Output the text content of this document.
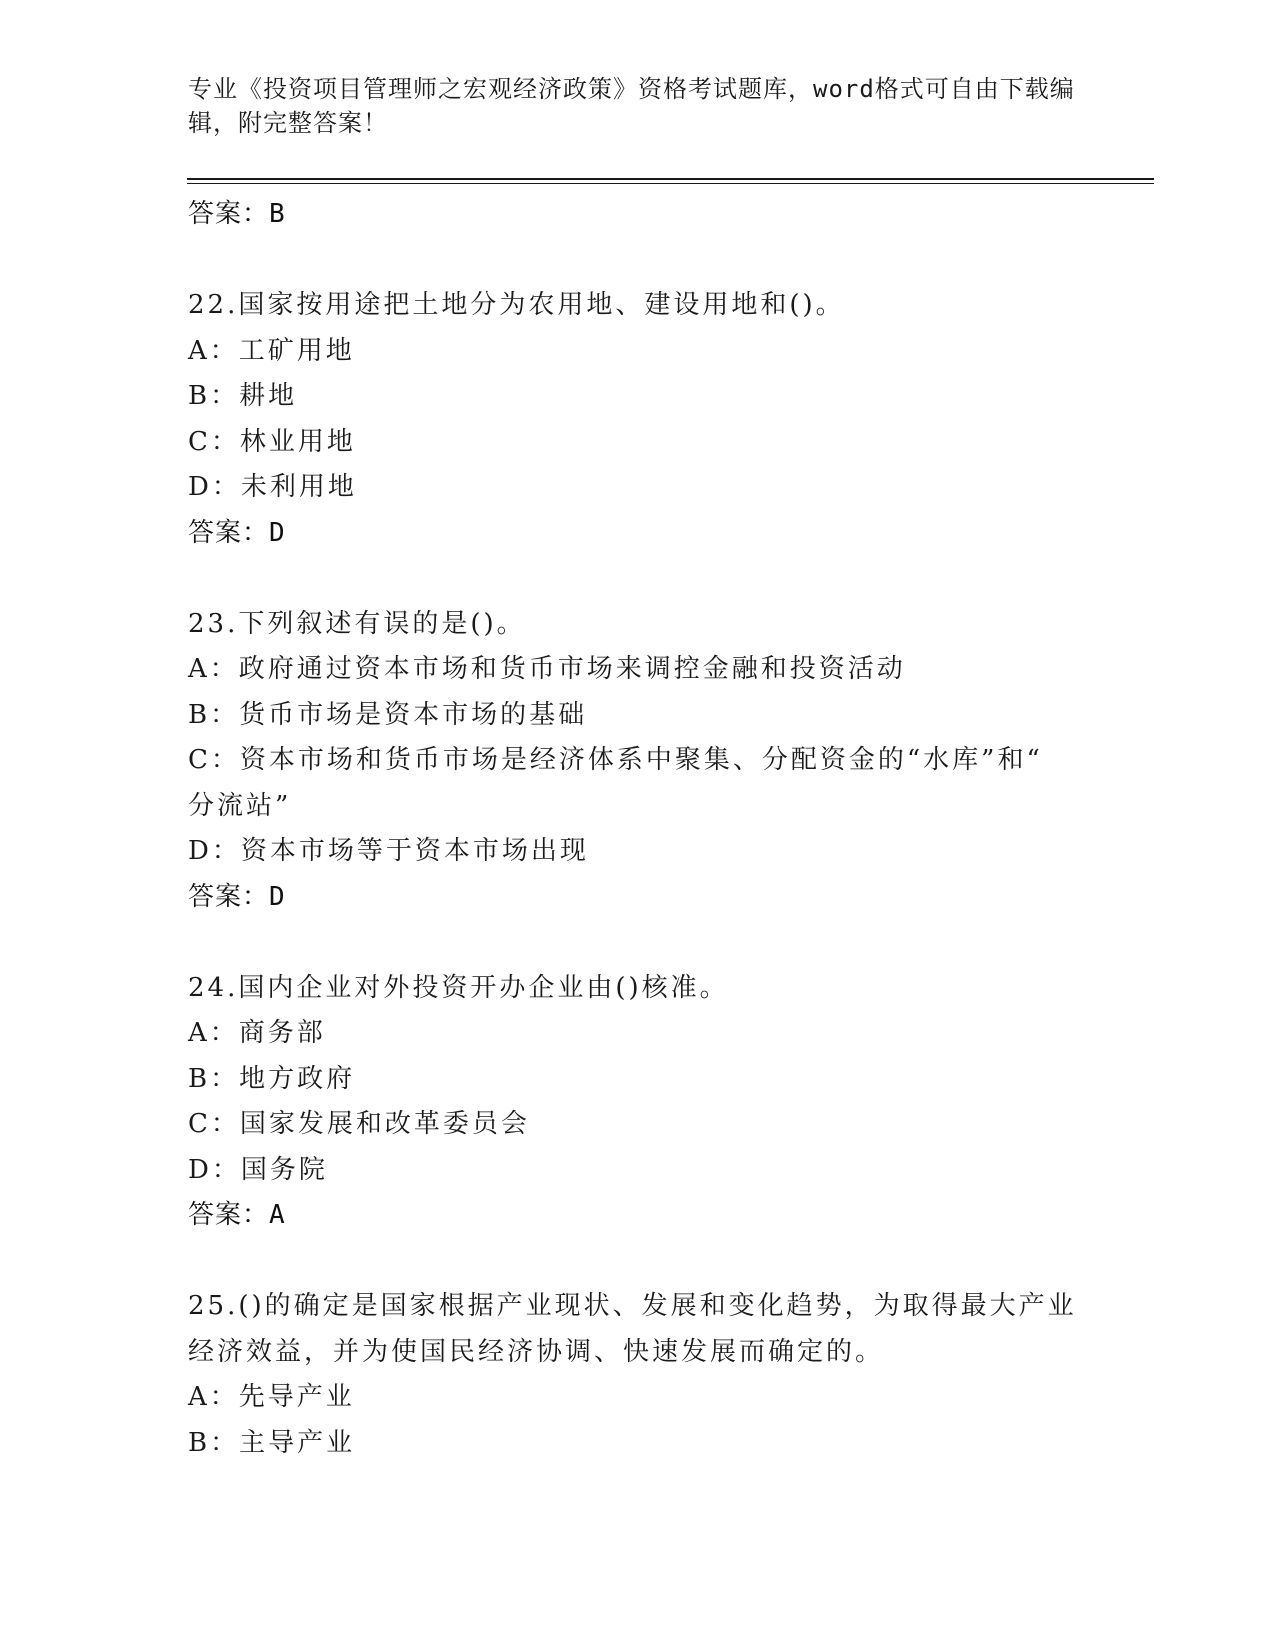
专业《投资项目管理师之宏观经济政策》资格考试题库，word格式可自由下载编
辑，附完整答案！
答案：B
22.国家按用途把土地分为农用地、建设用地和()。
A：工矿用地
B：耕地
C：林业用地
D：未利用地
答案：D
23.下列叙述有误的是()。
A：政府通过资本市场和货币市场来调控金融和投资活动
B：货币市场是资本市场的基础
C：资本市场和货币市场是经济体系中聚集、分配资金的“水库”和“
分流站”
D：资本市场等于资本市场出现
答案：D
24.国内企业对外投资开办企业由()核准。
A：商务部
B：地方政府
C：国家发展和改革委员会
D：国务院
答案：A
25.()的确定是国家根据产业现状、发展和变化趋势，为取得最大产业
经济效益，并为使国民经济协调、快速发展而确定的。
A：先导产业
B：主导产业
